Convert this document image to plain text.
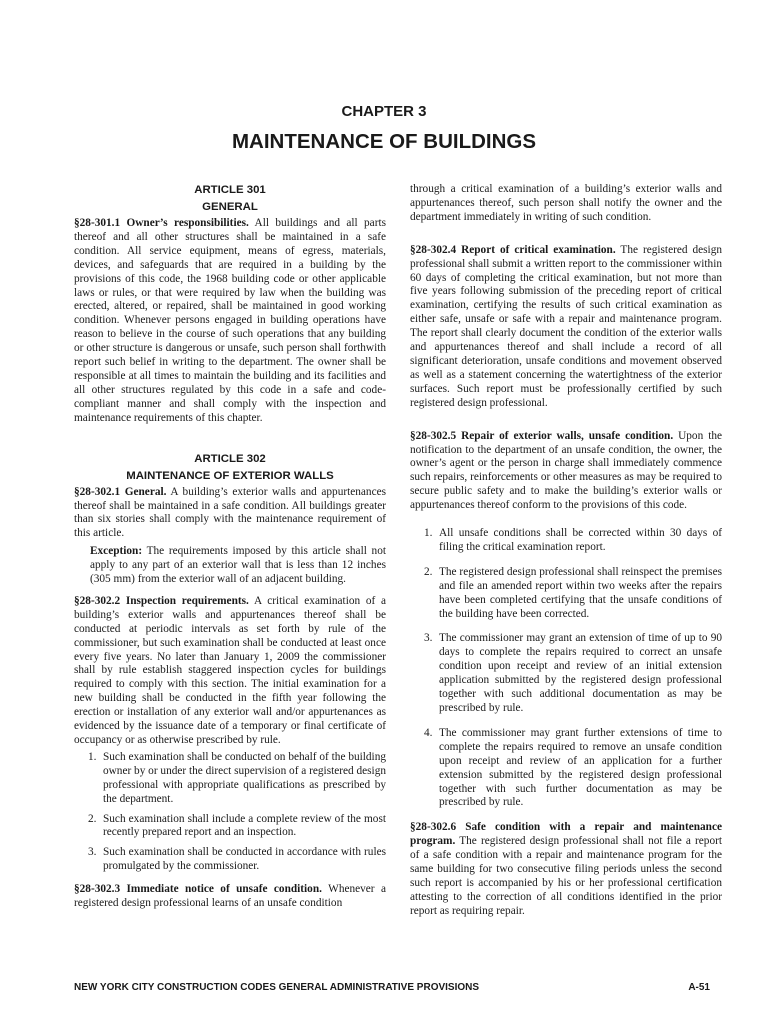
CHAPTER 3
MAINTENANCE OF BUILDINGS
ARTICLE 301
GENERAL

§28-301.1 Owner’s responsibilities. All buildings and all parts thereof and all other structures shall be maintained in a safe condition. All service equipment, means of egress, materials, devices, and safeguards that are required in a building by the provisions of this code, the 1968 building code or other applicable laws or rules, or that were required by law when the building was erected, altered, or repaired, shall be maintained in good working condition. Whenever persons engaged in building operations have reason to believe in the course of such operations that any building or other structure is dangerous or unsafe, such person shall forthwith report such belief in writing to the department. The owner shall be responsible at all times to maintain the building and its facilities and all other structures regulated by this code in a safe and code-compliant manner and shall comply with the inspection and maintenance requirements of this chapter.

ARTICLE 302
MAINTENANCE OF EXTERIOR WALLS

§28-302.1 General. A building’s exterior walls and appurtenances thereof shall be maintained in a safe condition. All buildings greater than six stories shall comply with the maintenance requirement of this article.

Exception: The requirements imposed by this article shall not apply to any part of an exterior wall that is less than 12 inches (305 mm) from the exterior wall of an adjacent building.

§28-302.2 Inspection requirements. A critical examination of a building’s exterior walls and appurtenances thereof shall be conducted at periodic intervals as set forth by rule of the commissioner, but such examination shall be conducted at least once every five years. No later than January 1, 2009 the commissioner shall by rule establish staggered inspection cycles for buildings required to comply with this section. The initial examination for a new building shall be conducted in the fifth year following the erection or installation of any exterior wall and/or appurtenances as evidenced by the issuance date of a temporary or final certificate of occupancy or as otherwise prescribed by rule.

1. Such examination shall be conducted on behalf of the building owner by or under the direct supervision of a registered design professional with appropriate qualifications as prescribed by the department.
2. Such examination shall include a complete review of the most recently prepared report and an inspection.
3. Such examination shall be conducted in accordance with rules promulgated by the commissioner.

§28-302.3 Immediate notice of unsafe condition. Whenever a registered design professional learns of an unsafe condition

through a critical examination of a building’s exterior walls and appurtenances thereof, such person shall notify the owner and the department immediately in writing of such condition.

§28-302.4 Report of critical examination. The registered design professional shall submit a written report to the commissioner within 60 days of completing the critical examination, but not more than five years following submission of the preceding report of critical examination, certifying the results of such critical examination as either safe, unsafe or safe with a repair and maintenance program. The report shall clearly document the condition of the exterior walls and appurtenances thereof and shall include a record of all significant deterioration, unsafe conditions and movement observed as well as a statement concerning the watertightness of the exterior surfaces. Such report must be professionally certified by such registered design professional.

§28-302.5 Repair of exterior walls, unsafe condition. Upon the notification to the department of an unsafe condition, the owner, the owner’s agent or the person in charge shall immediately commence such repairs, reinforcements or other measures as may be required to secure public safety and to make the building’s exterior walls or appurtenances thereof conform to the provisions of this code.

1. All unsafe conditions shall be corrected within 30 days of filing the critical examination report.
2. The registered design professional shall reinspect the premises and file an amended report within two weeks after the repairs have been completed certifying that the unsafe conditions of the building have been corrected.
3. The commissioner may grant an extension of time of up to 90 days to complete the repairs required to correct an unsafe condition upon receipt and review of an initial extension application submitted by the registered design professional together with such additional documentation as may be prescribed by rule.
4. The commissioner may grant further extensions of time to complete the repairs required to remove an unsafe condition upon receipt and review of an application for a further extension submitted by the registered design professional together with such further documentation as may be prescribed by rule.

§28-302.6 Safe condition with a repair and maintenance program. The registered design professional shall not file a report of a safe condition with a repair and maintenance program for the same building for two consecutive filing periods unless the second such report is accompanied by his or her professional certification attesting to the correction of all conditions identified in the prior report as requiring repair.

NEW YORK CITY CONSTRUCTION CODES GENERAL ADMINISTRATIVE PROVISIONS	A-51
